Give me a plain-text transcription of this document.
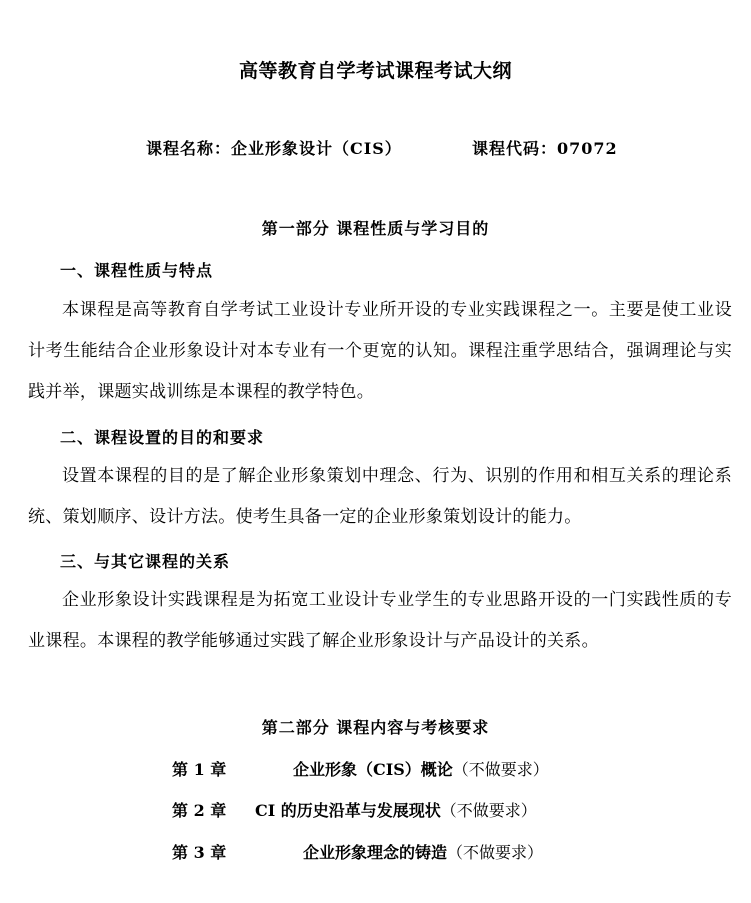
高等教育自学考试课程考试大纲
课程名称：企业形象设计（CIS）	课程代码：07072
第一部分 课程性质与学习目的
一、课程性质与特点
本课程是高等教育自学考试工业设计专业所开设的专业实践课程之一。主要是使工业设计考生能结合企业形象设计对本专业有一个更宽的认知。课程注重学思结合，强调理论与实践并举，课题实战训练是本课程的教学特色。
二、课程设置的目的和要求
设置本课程的目的是了解企业形象策划中理念、行为、识别的作用和相互关系的理论系统、策划顺序、设计方法。使考生具备一定的企业形象策划设计的能力。
三、与其它课程的关系
企业形象设计实践课程是为拓宽工业设计专业学生的专业思路开设的一门实践性质的专业课程。本课程的教学能够通过实践了解企业形象设计与产品设计的关系。
第二部分 课程内容与考核要求
第 1 章	企业形象（CIS）概论（不做要求）
第 2 章 CI 的历史沿革与发展现状（不做要求）
第 3 章	企业形象理念的铸造（不做要求）
